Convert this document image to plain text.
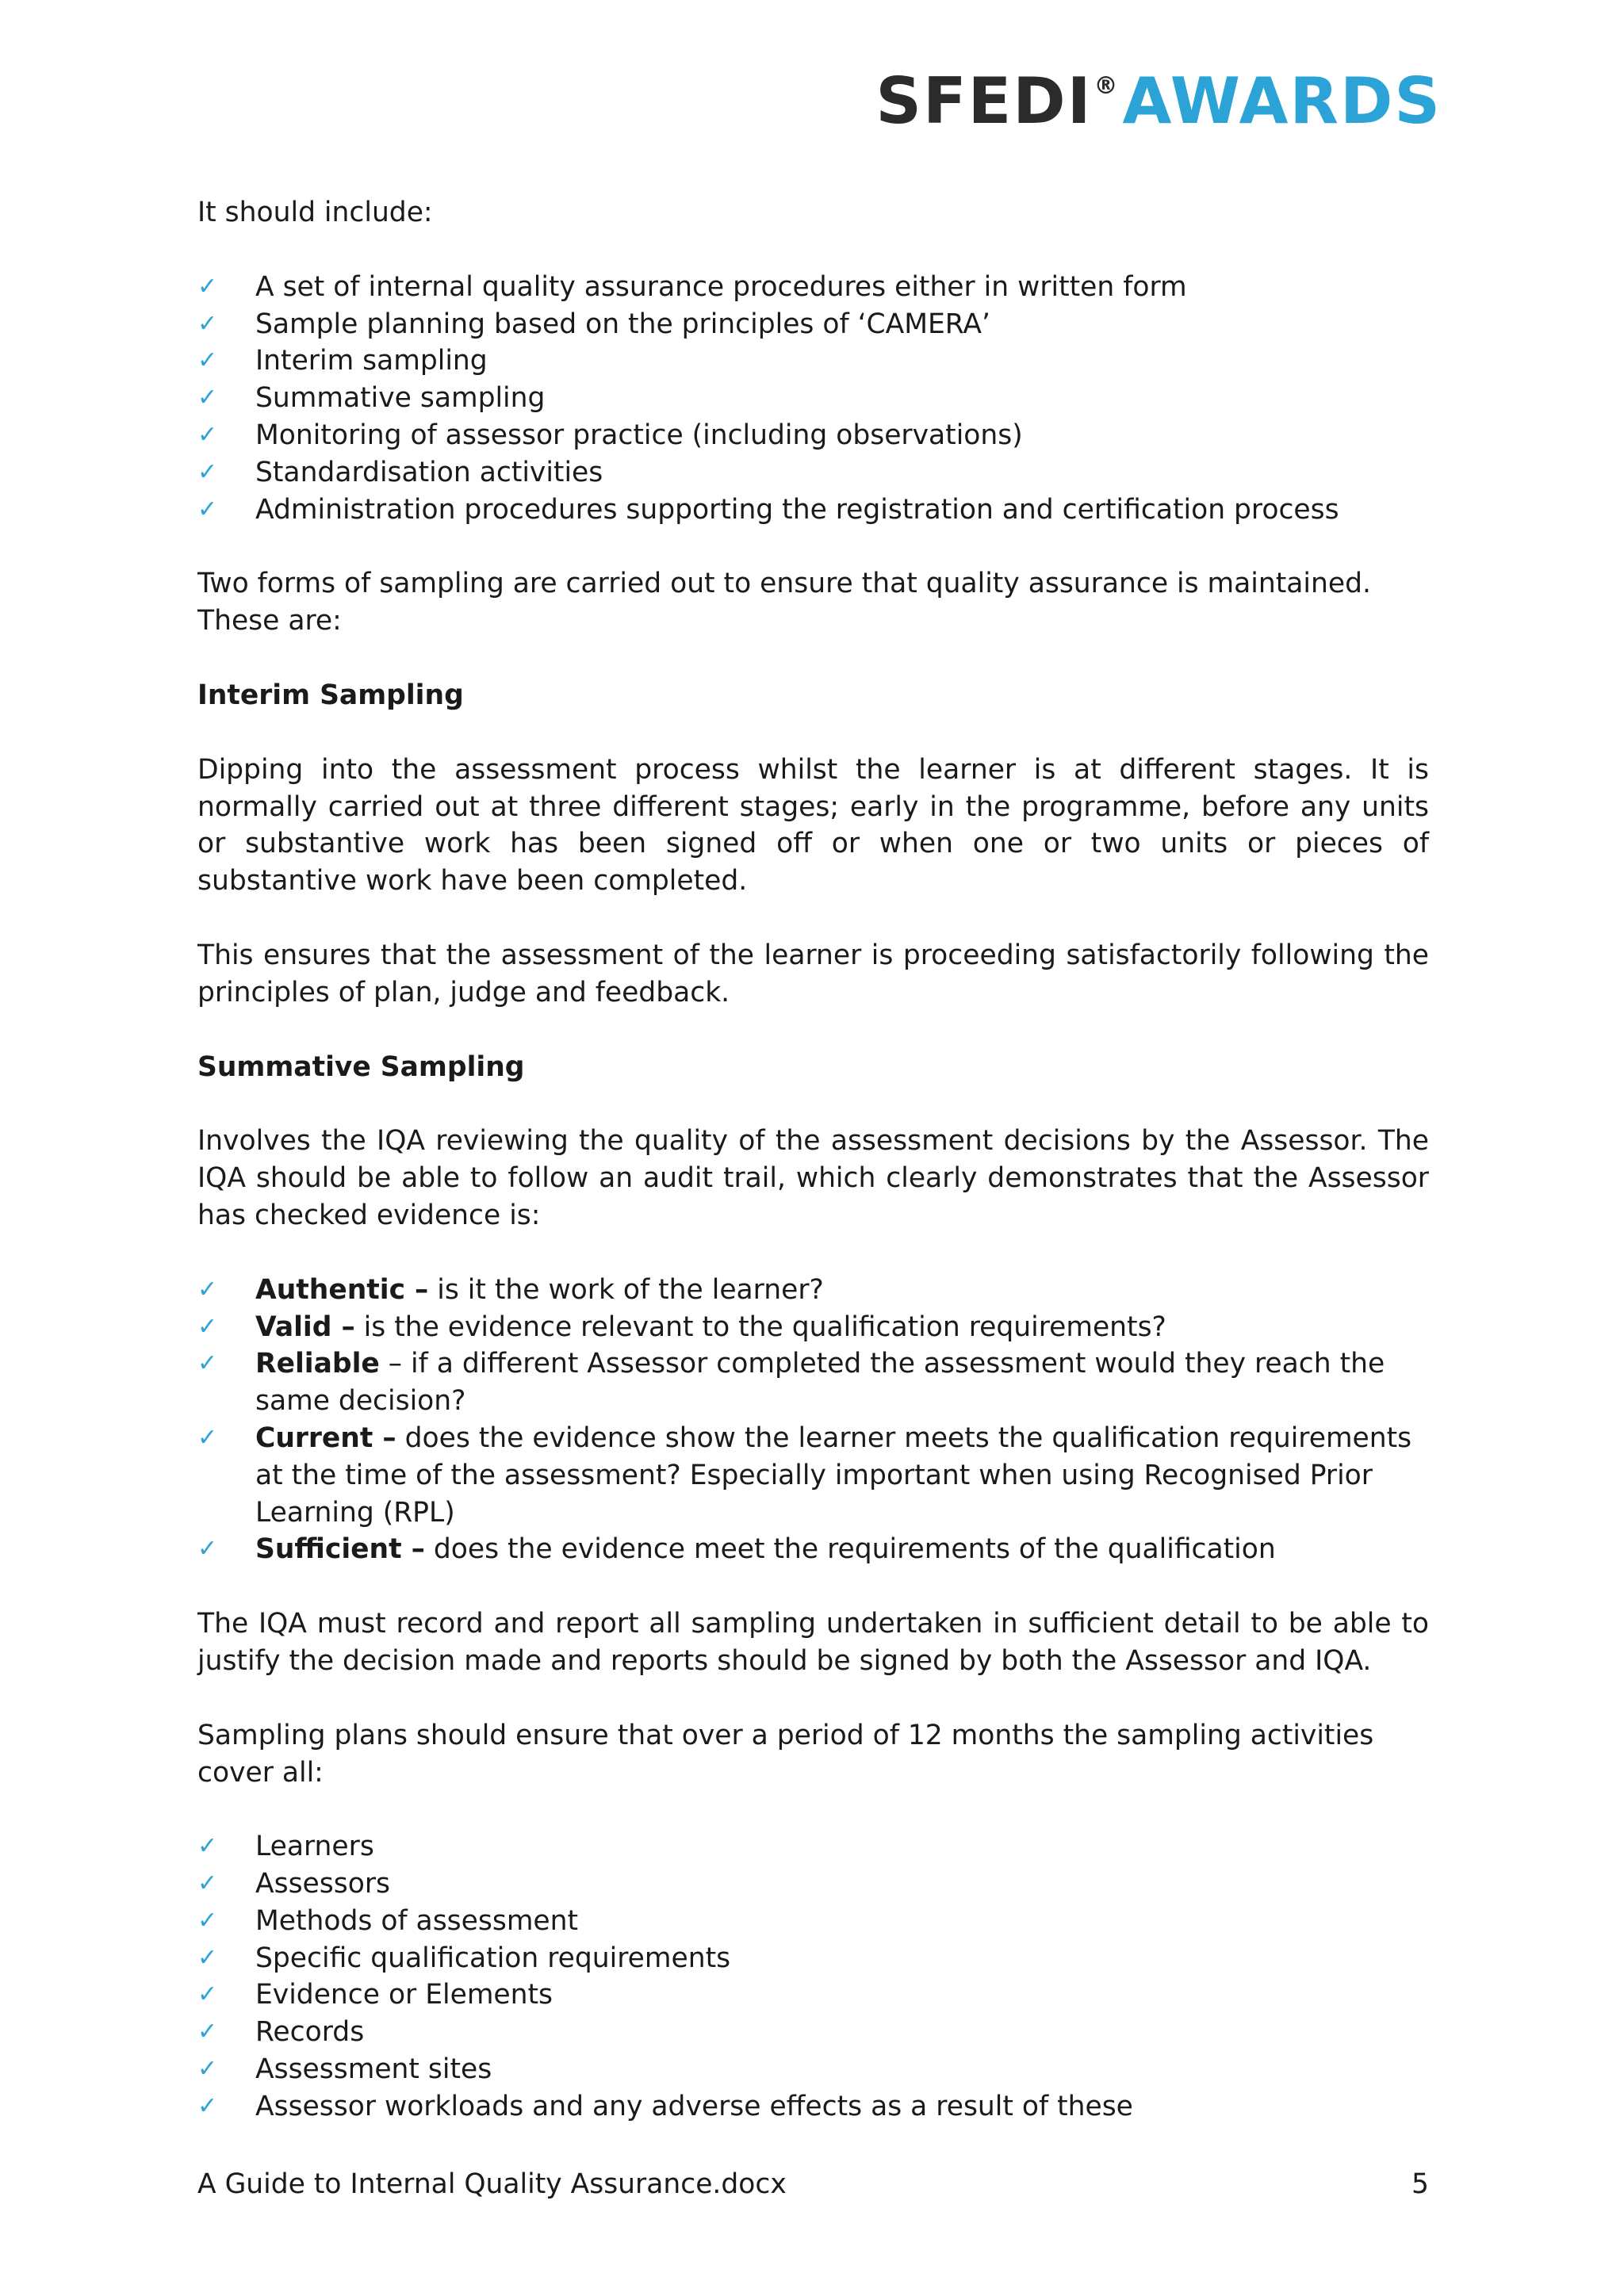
SFEDI®AWARDS

It should include:

✓ A set of internal quality assurance procedures either in written form
✓ Sample planning based on the principles of ‘CAMERA’
✓ Interim sampling
✓ Summative sampling
✓ Monitoring of assessor practice (including observations)
✓ Standardisation activities
✓ Administration procedures supporting the registration and certification process

Two forms of sampling are carried out to ensure that quality assurance is maintained. These are:

Interim Sampling

Dipping into the assessment process whilst the learner is at different stages. It is normally carried out at three different stages; early in the programme, before any units or substantive work has been signed off or when one or two units or pieces of substantive work have been completed.

This ensures that the assessment of the learner is proceeding satisfactorily following the principles of plan, judge and feedback.

Summative Sampling

Involves the IQA reviewing the quality of the assessment decisions by the Assessor. The IQA should be able to follow an audit trail, which clearly demonstrates that the Assessor has checked evidence is:

✓ Authentic – is it the work of the learner?
✓ Valid – is the evidence relevant to the qualification requirements?
✓ Reliable – if a different Assessor completed the assessment would they reach the same decision?
✓ Current – does the evidence show the learner meets the qualification requirements at the time of the assessment? Especially important when using Recognised Prior Learning (RPL)
✓ Sufficient – does the evidence meet the requirements of the qualification

The IQA must record and report all sampling undertaken in sufficient detail to be able to justify the decision made and reports should be signed by both the Assessor and IQA.

Sampling plans should ensure that over a period of 12 months the sampling activities cover all:

✓ Learners
✓ Assessors
✓ Methods of assessment
✓ Specific qualification requirements
✓ Evidence or Elements
✓ Records
✓ Assessment sites
✓ Assessor workloads and any adverse effects as a result of these
A Guide to Internal Quality Assurance.docx	5
